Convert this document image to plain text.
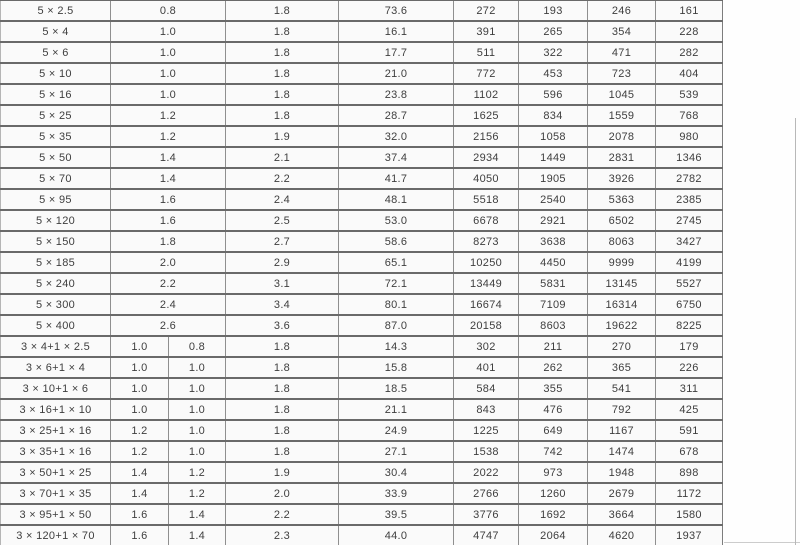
5 × 2.5	0.8		1.8	73.6	272	193	246	161
5 × 4	1.0		1.8	16.1	391	265	354	228
5 × 6	1.0		1.8	17.7	511	322	471	282
5 × 10	1.0		1.8	21.0	772	453	723	404
5 × 16	1.0		1.8	23.8	1102	596	1045	539
5 × 25	1.2		1.8	28.7	1625	834	1559	768
5 × 35	1.2		1.9	32.0	2156	1058	2078	980
5 × 50	1.4		2.1	37.4	2934	1449	2831	1346
5 × 70	1.4		2.2	41.7	4050	1905	3926	2782
5 × 95	1.6		2.4	48.1	5518	2540	5363	2385
5 × 120	1.6		2.5	53.0	6678	2921	6502	2745
5 × 150	1.8		2.7	58.6	8273	3638	8063	3427
5 × 185	2.0		2.9	65.1	10250	4450	9999	4199
5 × 240	2.2		3.1	72.1	13449	5831	13145	5527
5 × 300	2.4		3.4	80.1	16674	7109	16314	6750
5 × 400	2.6		3.6	87.0	20158	8603	19622	8225
3 × 4+1 × 2.5	1.0	0.8	1.8	14.3	302	211	270	179
3 × 6+1 × 4	1.0	1.0	1.8	15.8	401	262	365	226
3 × 10+1 × 6	1.0	1.0	1.8	18.5	584	355	541	311
3 × 16+1 × 10	1.0	1.0	1.8	21.1	843	476	792	425
3 × 25+1 × 16	1.2	1.0	1.8	24.9	1225	649	1167	591
3 × 35+1 × 16	1.2	1.0	1.8	27.1	1538	742	1474	678
3 × 50+1 × 25	1.4	1.2	1.9	30.4	2022	973	1948	898
3 × 70+1 × 35	1.4	1.2	2.0	33.9	2766	1260	2679	1172
3 × 95+1 × 50	1.6	1.4	2.2	39.5	3776	1692	3664	1580
3 × 120+1 × 70	1.6	1.4	2.3	44.0	4747	2064	4620	1937
